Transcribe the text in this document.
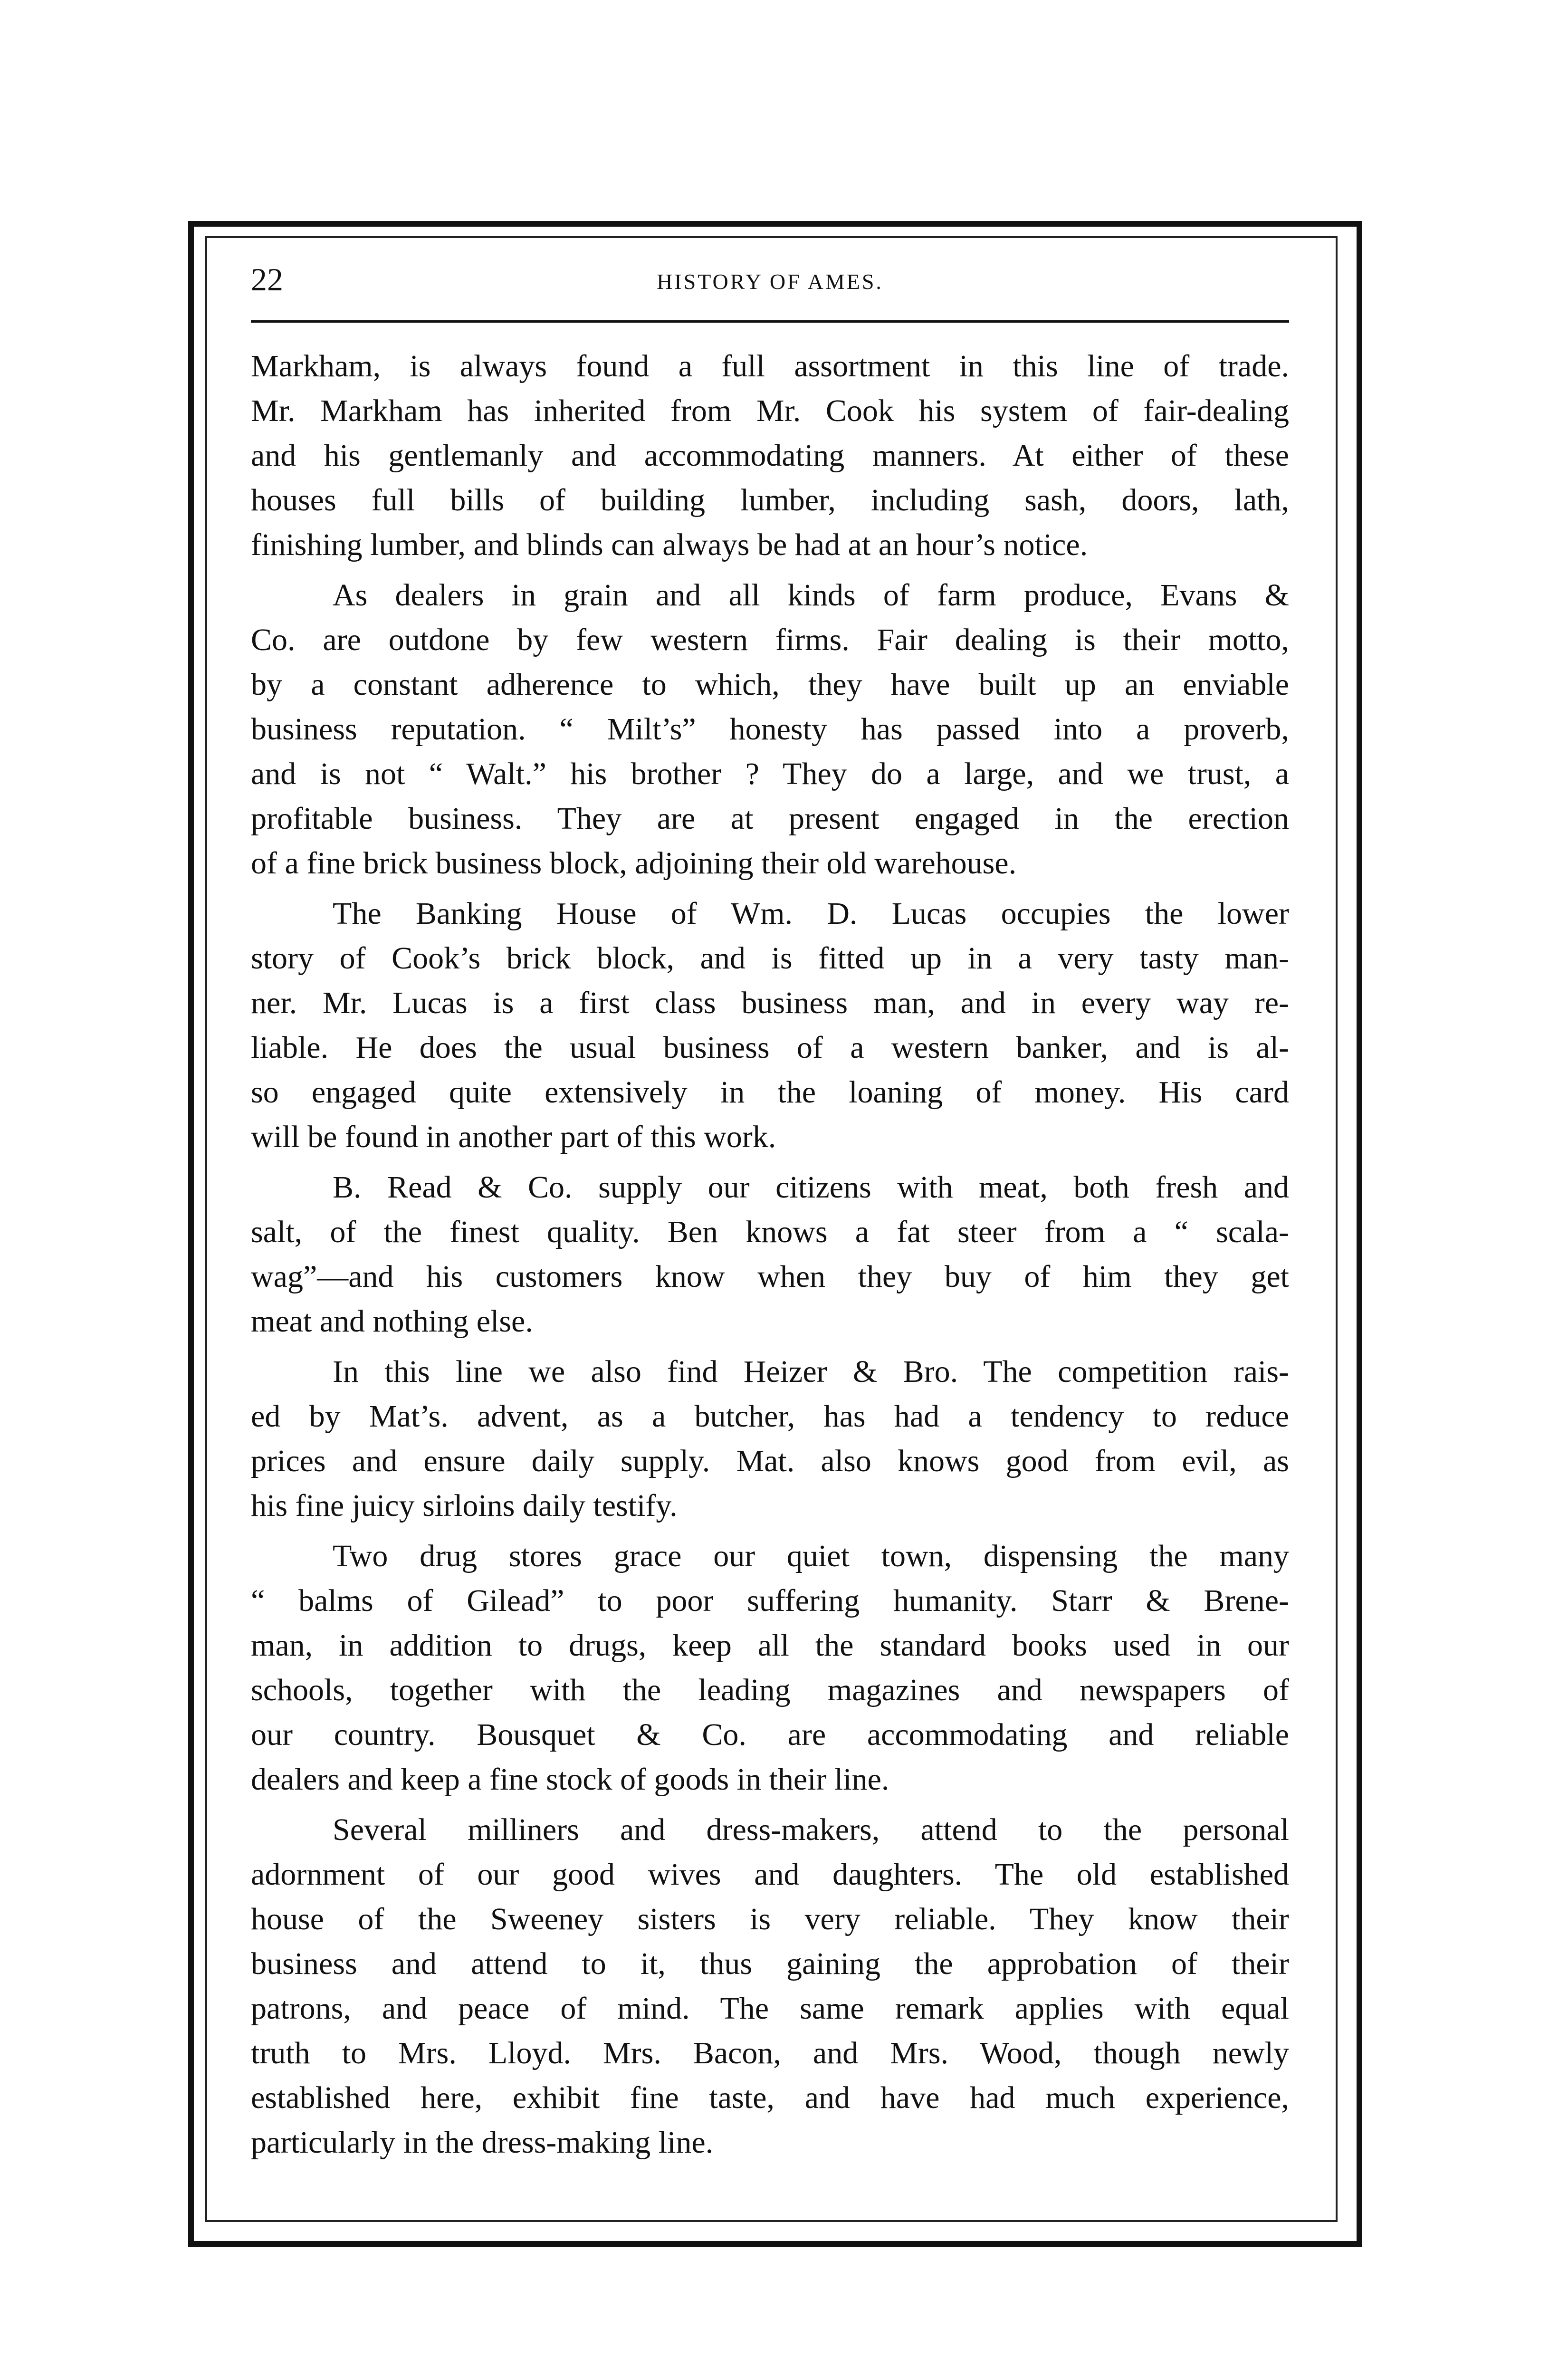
22	HISTORY OF AMES.
Markham, is always found a full assortment in this line of trade.
Mr. Markham has inherited from Mr. Cook his system of fair-dealing
and his gentlemanly and accommodating manners. At either of these
houses full bills of building lumber, including sash, doors, lath,
finishing lumber, and blinds can always be had at an hour’s notice.
As dealers in grain and all kinds of farm produce, Evans &
Co. are outdone by few western firms. Fair dealing is their motto,
by a constant adherence to which, they have built up an enviable
business reputation. “ Milt’s” honesty has passed into a proverb,
and is not “ Walt.” his brother ? They do a large, and we trust, a
profitable business. They are at present engaged in the erection
of a fine brick business block, adjoining their old warehouse.
The Banking House of Wm. D. Lucas occupies the lower
story of Cook’s brick block, and is fitted up in a very tasty man-
ner. Mr. Lucas is a first class business man, and in every way re-
liable. He does the usual business of a western banker, and is al-
so engaged quite extensively in the loaning of money. His card
will be found in another part of this work.
B. Read & Co. supply our citizens with meat, both fresh and
salt, of the finest quality. Ben knows a fat steer from a “ scala-
wag”—and his customers know when they buy of him they get
meat and nothing else.
In this line we also find Heizer & Bro. The competition rais-
ed by Mat’s. advent, as a butcher, has had a tendency to reduce
prices and ensure daily supply. Mat. also knows good from evil, as
his fine juicy sirloins daily testify.
Two drug stores grace our quiet town, dispensing the many
“ balms of Gilead” to poor suffering humanity. Starr & Brene-
man, in addition to drugs, keep all the standard books used in our
schools, together with the leading magazines and newspapers of
our country. Bousquet & Co. are accommodating and reliable
dealers and keep a fine stock of goods in their line.
Several milliners and dress-makers, attend to the personal
adornment of our good wives and daughters. The old established
house of the Sweeney sisters is very reliable. They know their
business and attend to it, thus gaining the approbation of their
patrons, and peace of mind. The same remark applies with equal
truth to Mrs. Lloyd. Mrs. Bacon, and Mrs. Wood, though newly
established here, exhibit fine taste, and have had much experience,
particularly in the dress-making line.
